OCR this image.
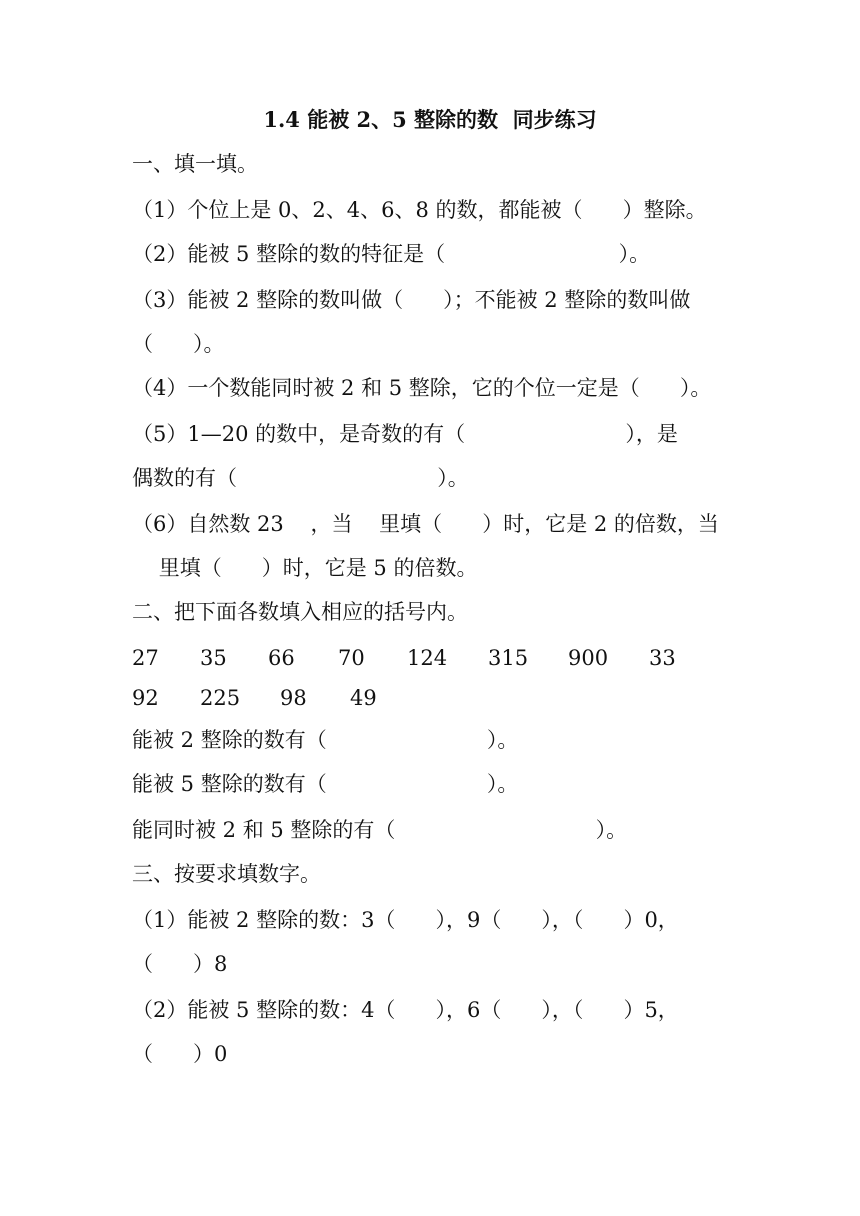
1.4 能被 2、5 整除的数  同步练习
一、填一填。
（1）个位上是 0、2、4、6、8 的数，都能被（      ）整除。
（2）能被 5 整除的数的特征是（                          ）。
（3）能被 2 整除的数叫做（      ）；不能被 2 整除的数叫做
（      ）。
（4）一个数能同时被 2 和 5 整除，它的个位一定是（      ）。
（5）1—20 的数中，是奇数的有（                        ），是
偶数的有（                              ）。
（6）自然数 23    ，当    里填（      ）时，它是 2 的倍数，当
里填（      ）时，它是 5 的倍数。
二、把下面各数填入相应的括号内。
27 35 66 70 124 315 900 33
92 225 98 49
能被 2 整除的数有（                        ）。
能被 5 整除的数有（                        ）。
能同时被 2 和 5 整除的有（                              ）。
三、按要求填数字。
（1）能被 2 整除的数：3（      ），9（      ），（      ）0，
（      ）8
（2）能被 5 整除的数：4（      ），6（      ），（      ）5，
（      ）0
